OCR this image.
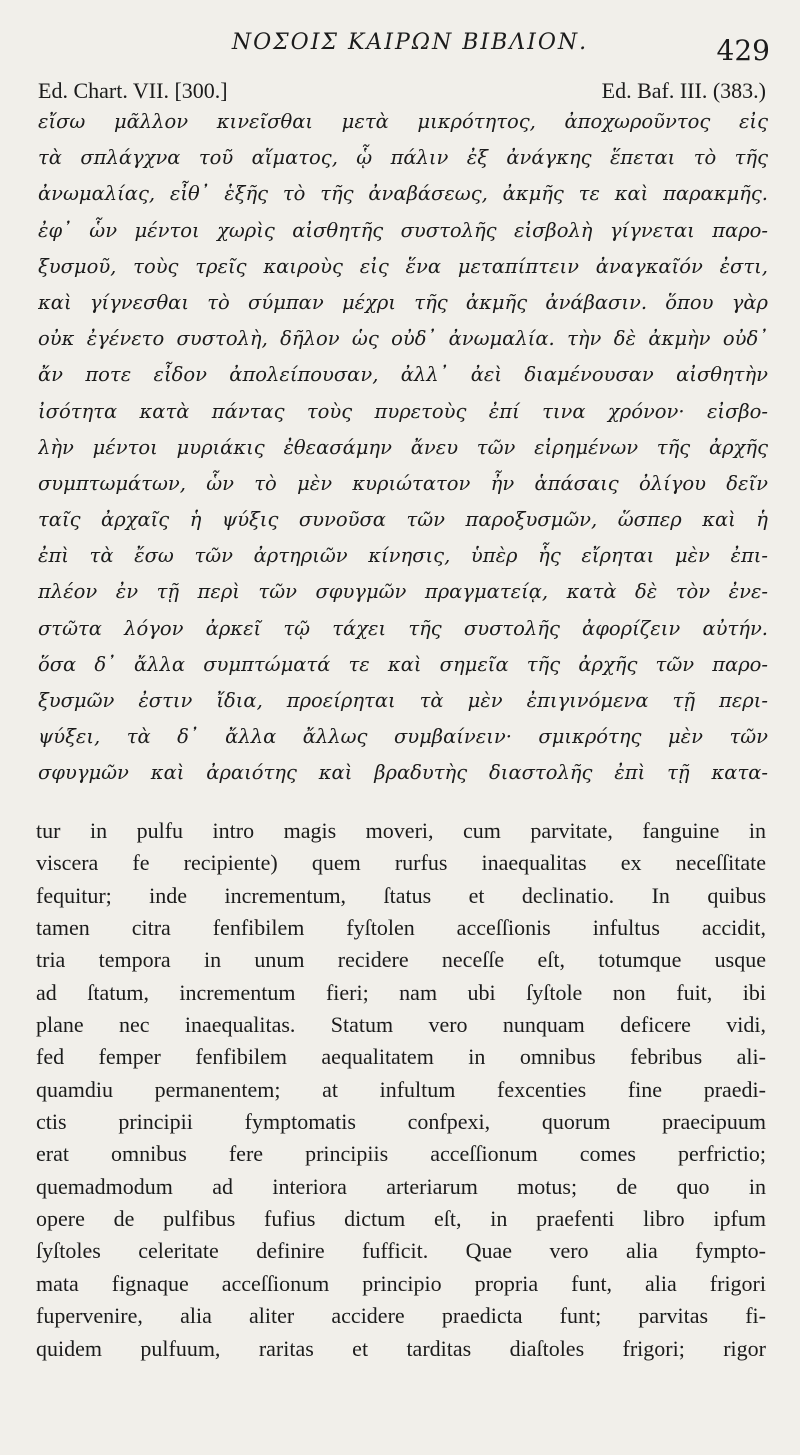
ΝΟΣΟΙΣ ΚΑΙΡΩΝ ΒΙΒΛΙΟΝ.	429
Ed. Chart. VII. [300.]	Ed. Baf. III. (383.)
εἴσω μᾶλλον κινεῖσθαι μετὰ μικρότητος, ἀποχωροῦντος εἰς
τὰ σπλάγχνα τοῦ αἵματος, ᾧ πάλιν ἐξ ἀνάγκης ἕπεται τὸ τῆς
ἀνωμαλίας, εἶθ᾽ ἑξῆς τὸ τῆς ἀναβάσεως, ἀκμῆς τε καὶ παρακμῆς.
ἐφ᾽ ὧν μέντοι χωρὶς αἰσθητῆς συστολῆς εἰσβολὴ γίγνεται παρο-
ξυσμοῦ, τοὺς τρεῖς καιροὺς εἰς ἕνα μεταπίπτειν ἀναγκαῖόν ἐστι,
καὶ γίγνεσθαι τὸ σύμπαν μέχρι τῆς ἀκμῆς ἀνάβασιν. ὅπου γὰρ
οὐκ ἐγένετο συστολὴ, δῆλον ὡς οὐδ᾽ ἀνωμαλία. τὴν δὲ ἀκμὴν οὐδ᾽
ἄν ποτε εἶδον ἀπολείπουσαν, ἀλλ᾽ ἀεὶ διαμένουσαν αἰσθητὴν
ἰσότητα κατὰ πάντας τοὺς πυρετοὺς ἐπί τινα χρόνον· εἰσβο-
λὴν μέντοι μυριάκις ἐθεασάμην ἄνευ τῶν εἰρημένων τῆς ἀρχῆς
συμπτωμάτων, ὧν τὸ μὲν κυριώτατον ἦν ἁπάσαις ὀλίγου δεῖν
ταῖς ἀρχαῖς ἡ ψύξις συνοῦσα τῶν παροξυσμῶν, ὥσπερ καὶ ἡ
ἐπὶ τὰ ἔσω τῶν ἀρτηριῶν κίνησις, ὑπὲρ ἧς εἴρηται μὲν ἐπι-
πλέον ἐν τῇ περὶ τῶν σφυγμῶν πραγματείᾳ, κατὰ δὲ τὸν ἐνε-
στῶτα λόγον ἀρκεῖ τῷ τάχει τῆς συστολῆς ἀφορίζειν αὐτήν.
ὅσα δ᾽ ἄλλα συμπτώματά τε καὶ σημεῖα τῆς ἀρχῆς τῶν παρο-
ξυσμῶν ἐστιν ἴδια, προείρηται τὰ μὲν ἐπιγινόμενα τῇ περι-
ψύξει, τὰ δ᾽ ἄλλα ἄλλως συμβαίνειν· σμικρότης μὲν τῶν
σφυγμῶν καὶ ἀραιότης καὶ βραδυτὴς διαστολῆς ἐπὶ τῇ κατα-
tur in pulfu intro magis moveri, cum parvitate, fanguine in
viscera fe recipiente) quem rurfus inaequalitas ex neceſſitate
fequitur; inde incrementum, ſtatus et declinatio. In quibus
tamen citra fenfibilem fyſtolen acceſſionis infultus accidit,
tria tempora in unum recidere neceſſe eſt, totumque usque
ad ſtatum, incrementum fieri; nam ubi ſyſtole non fuit, ibi
plane nec inaequalitas. Statum vero nunquam deficere vidi,
fed femper fenfibilem aequalitatem in omnibus febribus ali-
quamdiu permanentem; at infultum fexcenties fine praedi-
ctis principii fymptomatis confpexi, quorum praecipuum
erat omnibus fere principiis acceſſionum comes perfrictio;
quemadmodum ad interiora arteriarum motus; de quo in
opere de pulfibus fufius dictum eſt, in praefenti libro ipfum
ſyſtoles celeritate definire fufficit. Quae vero alia fympto-
mata fignaque acceſſionum principio propria funt, alia frigori
fupervenire, alia aliter accidere praedicta funt; parvitas fi-
quidem pulfuum, raritas et tarditas diaſtoles frigori; rigor
